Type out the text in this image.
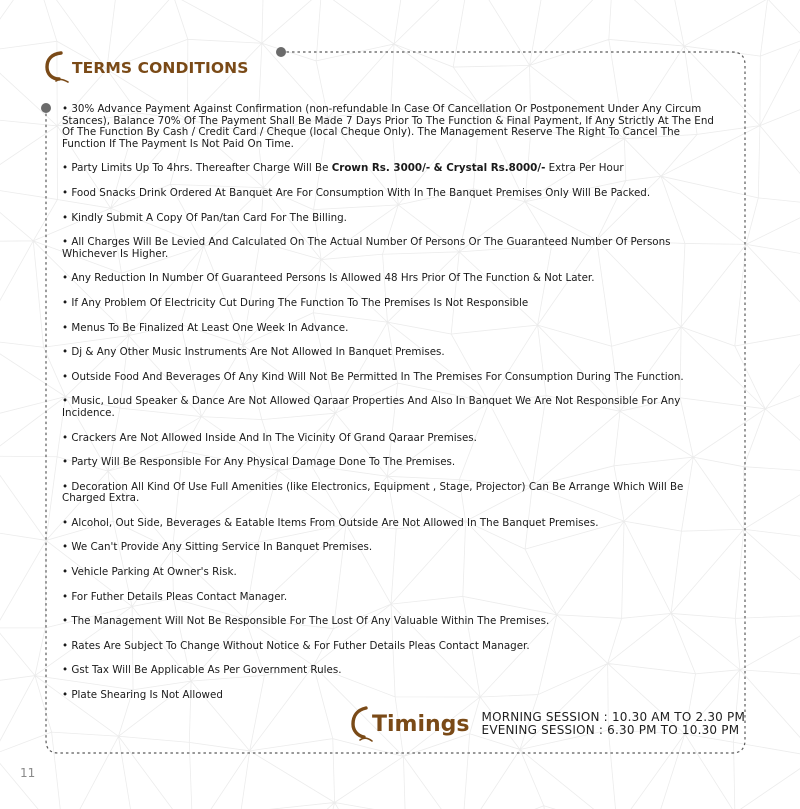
TERMS CONDITIONS

• 30% Advance Payment Against Confirmation (non-refundable In Case Of Cancellation Or Postponement Under Any Circum Stances), Balance 70% Of The Payment Shall Be Made 7 Days Prior To The Function & Final Payment, If Any Strictly At The End Of The Function By Cash / Credit Card / Cheque (local Cheque Only). The Management Reserve The Right To Cancel The Function If The Payment Is Not Paid On Time.

• Party Limits Up To 4hrs. Thereafter Charge Will Be Crown Rs. 3000/- & Crystal Rs.8000/- Extra Per Hour

• Food Snacks Drink Ordered At Banquet Are For Consumption With In The Banquet Premises Only Will Be Packed.

• Kindly Submit A Copy Of Pan/tan Card For The Billing.

• All Charges Will Be Levied And Calculated On The Actual Number Of Persons Or The Guaranteed Number Of Persons Whichever Is Higher.

• Any Reduction In Number Of Guaranteed Persons Is Allowed 48 Hrs Prior Of The Function & Not Later.

• If Any Problem Of Electricity Cut During The Function To The Premises Is Not Responsible

• Menus To Be Finalized At Least One Week In Advance.

• Dj & Any Other Music Instruments Are Not Allowed In Banquet Premises.

• Outside Food And Beverages Of Any Kind Will Not Be Permitted In The Premises For Consumption During The Function.

• Music, Loud Speaker & Dance Are Not Allowed Qaraar Properties And Also In Banquet We Are Not Responsible For Any Incidence.

• Crackers Are Not Allowed Inside And In The Vicinity Of Grand Qaraar Premises.

• Party Will Be Responsible For Any Physical Damage Done To The Premises.

• Decoration All Kind Of Use Full Amenities (like Electronics, Equipment , Stage, Projector) Can Be Arrange Which Will Be Charged Extra.

• Alcohol, Out Side, Beverages & Eatable Items From Outside Are Not Allowed In The Banquet Premises.

• We Can't Provide Any Sitting Service In Banquet Premises.

• Vehicle Parking At Owner's Risk.

• For Futher Details Pleas Contact Manager.

• The Management Will Not Be Responsible For The Lost Of Any Valuable Within The Premises.

• Rates Are Subject To Change Without Notice & For Futher Details Pleas Contact Manager.

• Gst Tax Will Be Applicable As Per Government Rules.

• Plate Shearing Is Not Allowed

Timings MORNING SESSION : 10.30 AM TO 2.30 PM
EVENING SESSION : 6.30 PM TO 10.30 PM
11
